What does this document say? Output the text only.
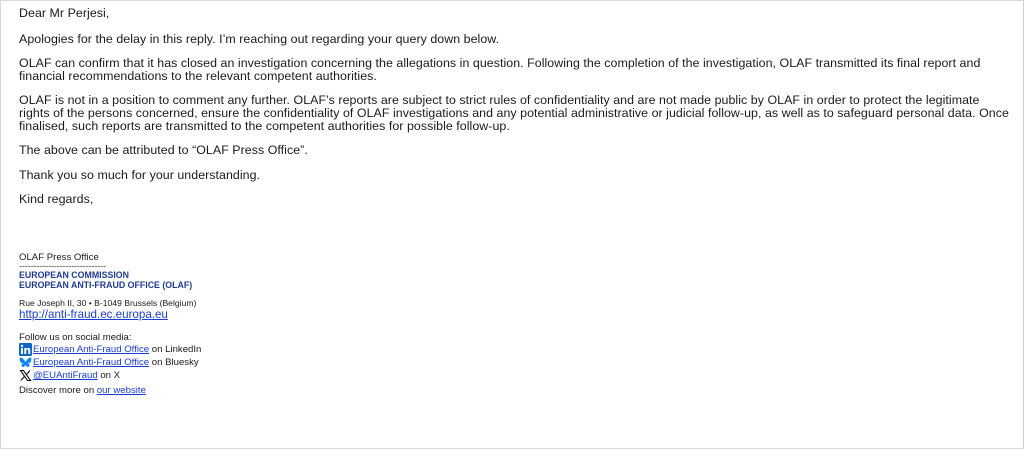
Dear Mr Perjesi,

Apologies for the delay in this reply. I’m reaching out regarding your query down below.

OLAF can confirm that it has closed an investigation concerning the allegations in question. Following the completion of the investigation, OLAF transmitted its final report and financial recommendations to the relevant competent authorities.

OLAF is not in a position to comment any further. OLAF’s reports are subject to strict rules of confidentiality and are not made public by OLAF in order to protect the legitimate rights of the persons concerned, ensure the confidentiality of OLAF investigations and any potential administrative or judicial follow-up, as well as to safeguard personal data. Once finalised, such reports are transmitted to the competent authorities for possible follow-up.

The above can be attributed to “OLAF Press Office”.

Thank you so much for your understanding.

Kind regards,

OLAF Press Office

------------------------------

EUROPEAN COMMISSION

EUROPEAN ANTI-FRAUD OFFICE (OLAF)

Rue Joseph II, 30 • B-1049 Brussels (Belgium)

http://anti-fraud.ec.europa.eu

Follow us on social media:

European Anti-Fraud Office on LinkedIn
European Anti-Fraud Office on Bluesky
@EUAntiFraud on X
Discover more on our website
